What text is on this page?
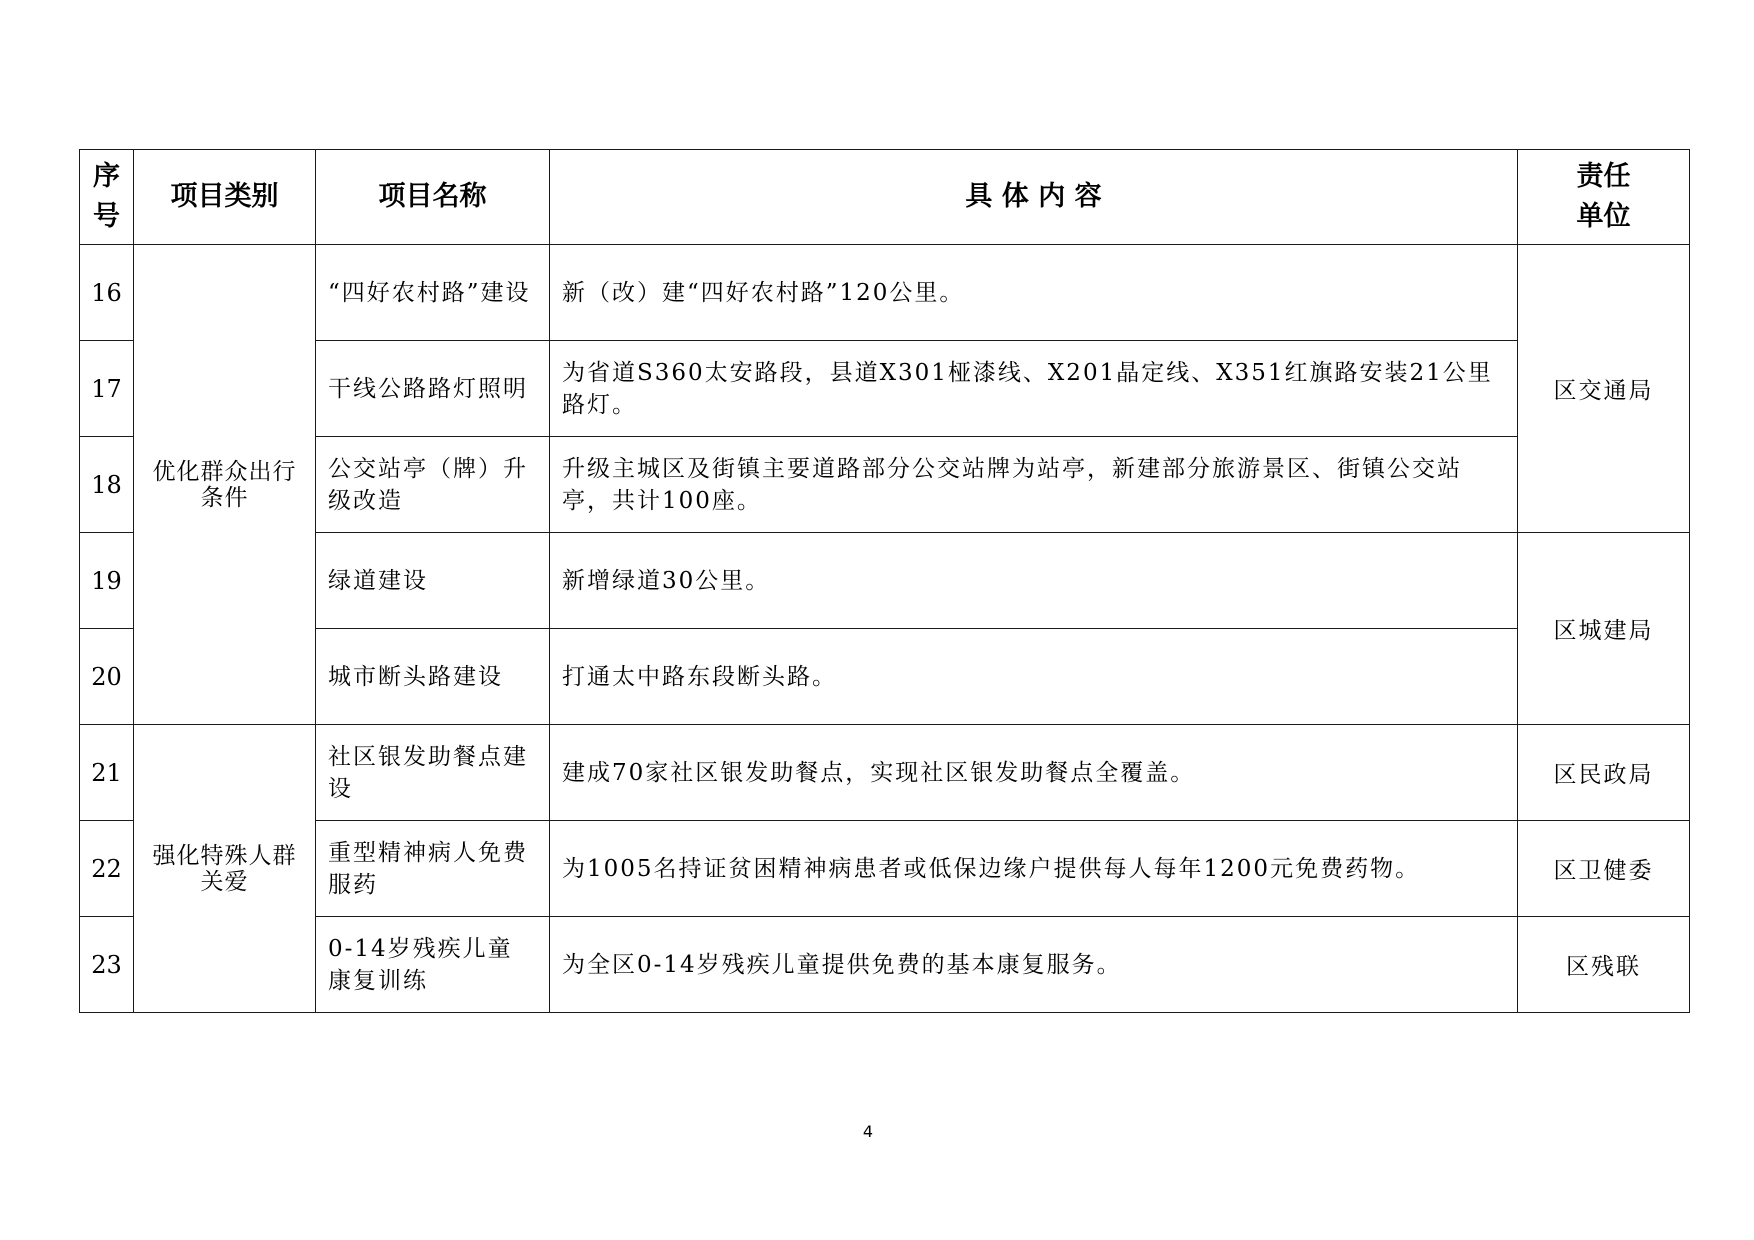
序号	项目类别	项目名称	具 体 内 容	责任单位
16	优化群众出行条件	“四好农村路”建设	新（改）建“四好农村路”120公里。	区交通局
17		干线公路路灯照明	为省道S360太安路段，县道X301桠漆线、X201晶定线、X351红旗路安装21公里路灯。	
18		公交站亭（牌）升级改造	升级主城区及街镇主要道路部分公交站牌为站亭，新建部分旅游景区、街镇公交站亭，共计100座。	
19		绿道建设	新增绿道30公里。	区城建局
20		城市断头路建设	打通太中路东段断头路。	
21	强化特殊人群关爱	社区银发助餐点建设	建成70家社区银发助餐点，实现社区银发助餐点全覆盖。	区民政局
22		重型精神病人免费服药	为1005名持证贫困精神病患者或低保边缘户提供每人每年1200元免费药物。	区卫健委
23		0-14岁残疾儿童康复训练	为全区0-14岁残疾儿童提供免费的基本康复服务。	区残联
4
